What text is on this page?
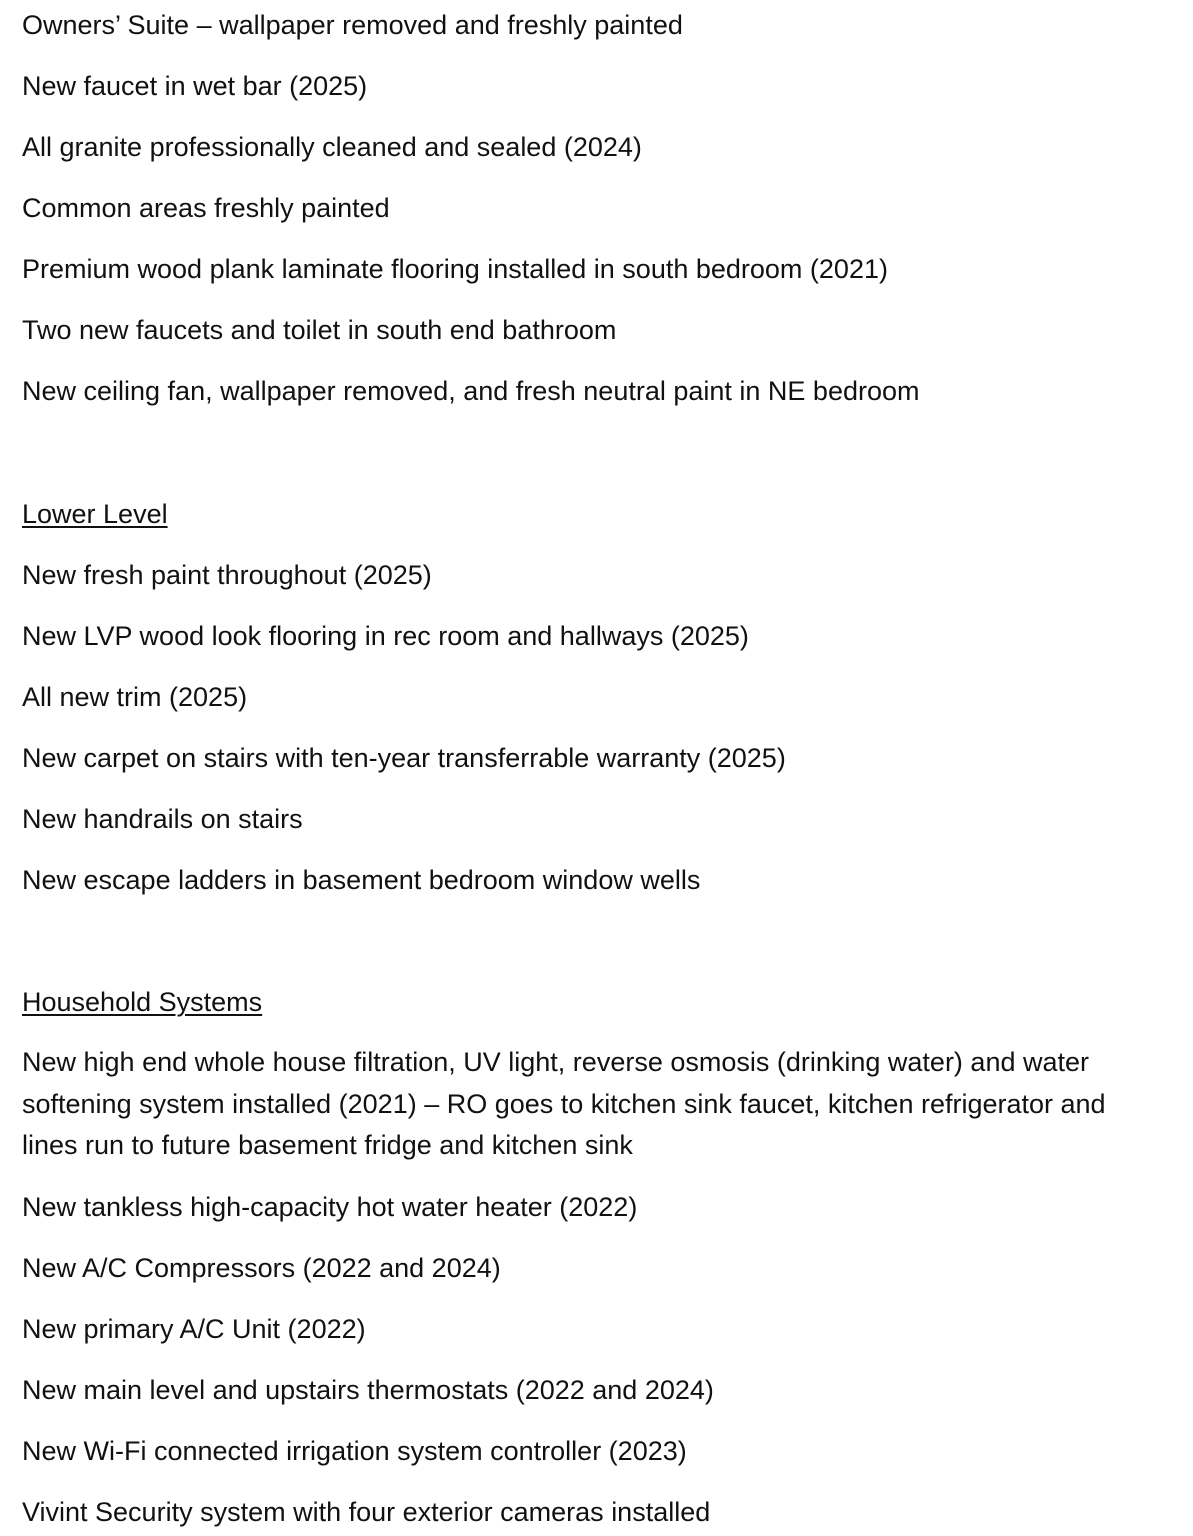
Owners’ Suite – wallpaper removed and freshly painted
New faucet in wet bar (2025)
All granite professionally cleaned and sealed (2024)
Common areas freshly painted
Premium wood plank laminate flooring installed in south bedroom (2021)
Two new faucets and toilet in south end bathroom
New ceiling fan, wallpaper removed, and fresh neutral paint in NE bedroom
Lower Level
New fresh paint throughout (2025)
New LVP wood look flooring in rec room and hallways (2025)
All new trim (2025)
New carpet on stairs with ten-year transferrable warranty (2025)
New handrails on stairs
New escape ladders in basement bedroom window wells
Household Systems
New high end whole house filtration, UV light, reverse osmosis (drinking water) and water softening system installed (2021) – RO goes to kitchen sink faucet, kitchen refrigerator and lines run to future basement fridge and kitchen sink
New tankless high-capacity hot water heater (2022)
New A/C Compressors (2022 and 2024)
New primary A/C Unit (2022)
New main level and upstairs thermostats (2022 and 2024)
New Wi-Fi connected irrigation system controller (2023)
Vivint Security system with four exterior cameras installed
